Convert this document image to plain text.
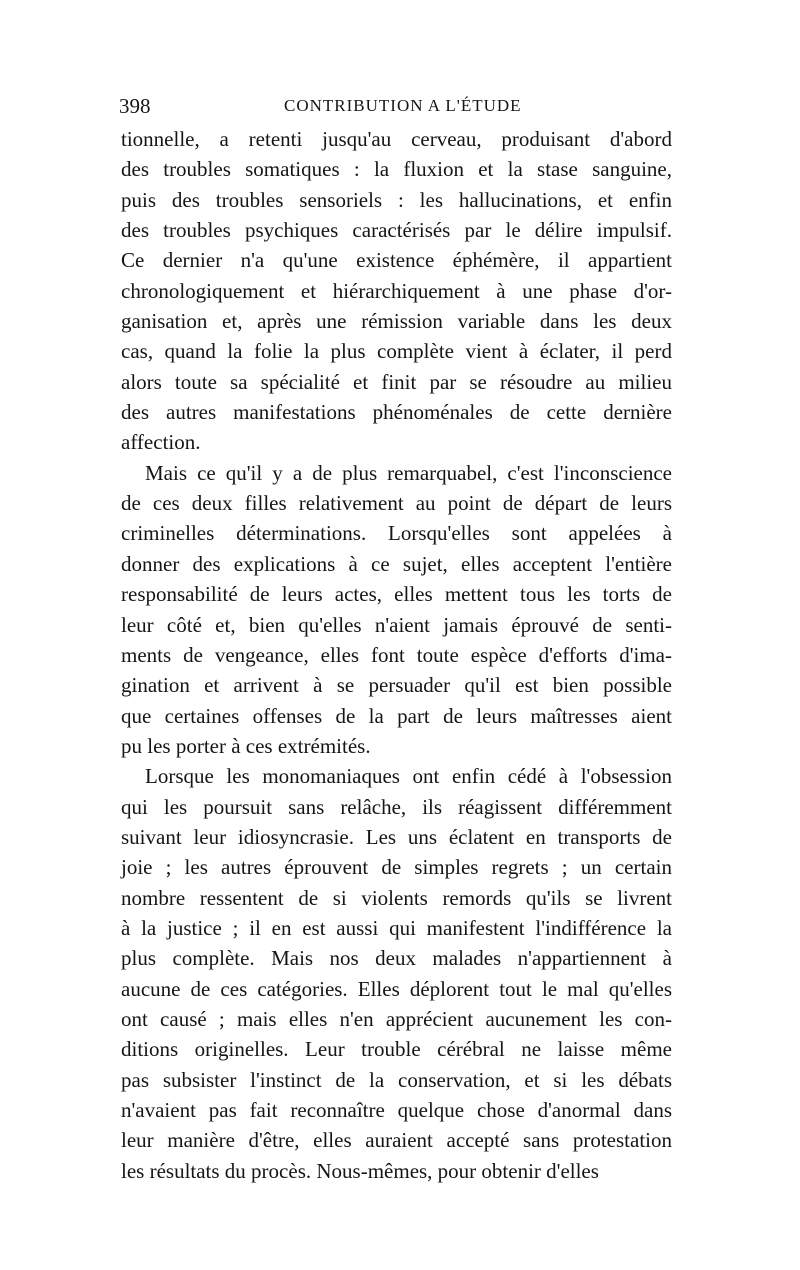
398	CONTRIBUTION A L'ÉTUDE
tionnelle, a retenti jusqu'au cerveau, produisant d'abord
des troubles somatiques : la fluxion et la stase sanguine,
puis des troubles sensoriels : les hallucinations, et enfin
des troubles psychiques caractérisés par le délire impulsif.
Ce dernier n'a qu'une existence éphémère, il appartient
chronologiquement et hiérarchiquement à une phase d'or-
ganisation et, après une rémission variable dans les deux
cas, quand la folie la plus complète vient à éclater, il perd
alors toute sa spécialité et finit par se résoudre au milieu
des autres manifestations phénoménales de cette dernière
affection.
Mais ce qu'il y a de plus remarquabel, c'est l'inconscience
de ces deux filles relativement au point de départ de leurs
criminelles déterminations. Lorsqu'elles sont appelées à
donner des explications à ce sujet, elles acceptent l'entière
responsabilité de leurs actes, elles mettent tous les torts de
leur côté et, bien qu'elles n'aient jamais éprouvé de senti-
ments de vengeance, elles font toute espèce d'efforts d'ima-
gination et arrivent à se persuader qu'il est bien possible
que certaines offenses de la part de leurs maîtresses aient
pu les porter à ces extrémités.
Lorsque les monomaniaques ont enfin cédé à l'obsession
qui les poursuit sans relâche, ils réagissent différemment
suivant leur idiosyncrasie. Les uns éclatent en transports de
joie ; les autres éprouvent de simples regrets ; un certain
nombre ressentent de si violents remords qu'ils se livrent
à la justice ; il en est aussi qui manifestent l'indifférence la
plus complète. Mais nos deux malades n'appartiennent à
aucune de ces catégories. Elles déplorent tout le mal qu'elles
ont causé ; mais elles n'en apprécient aucunement les con-
ditions originelles. Leur trouble cérébral ne laisse même
pas subsister l'instinct de la conservation, et si les débats
n'avaient pas fait reconnaître quelque chose d'anormal dans
leur manière d'être, elles auraient accepté sans protestation
les résultats du procès. Nous-mêmes, pour obtenir d'elles
